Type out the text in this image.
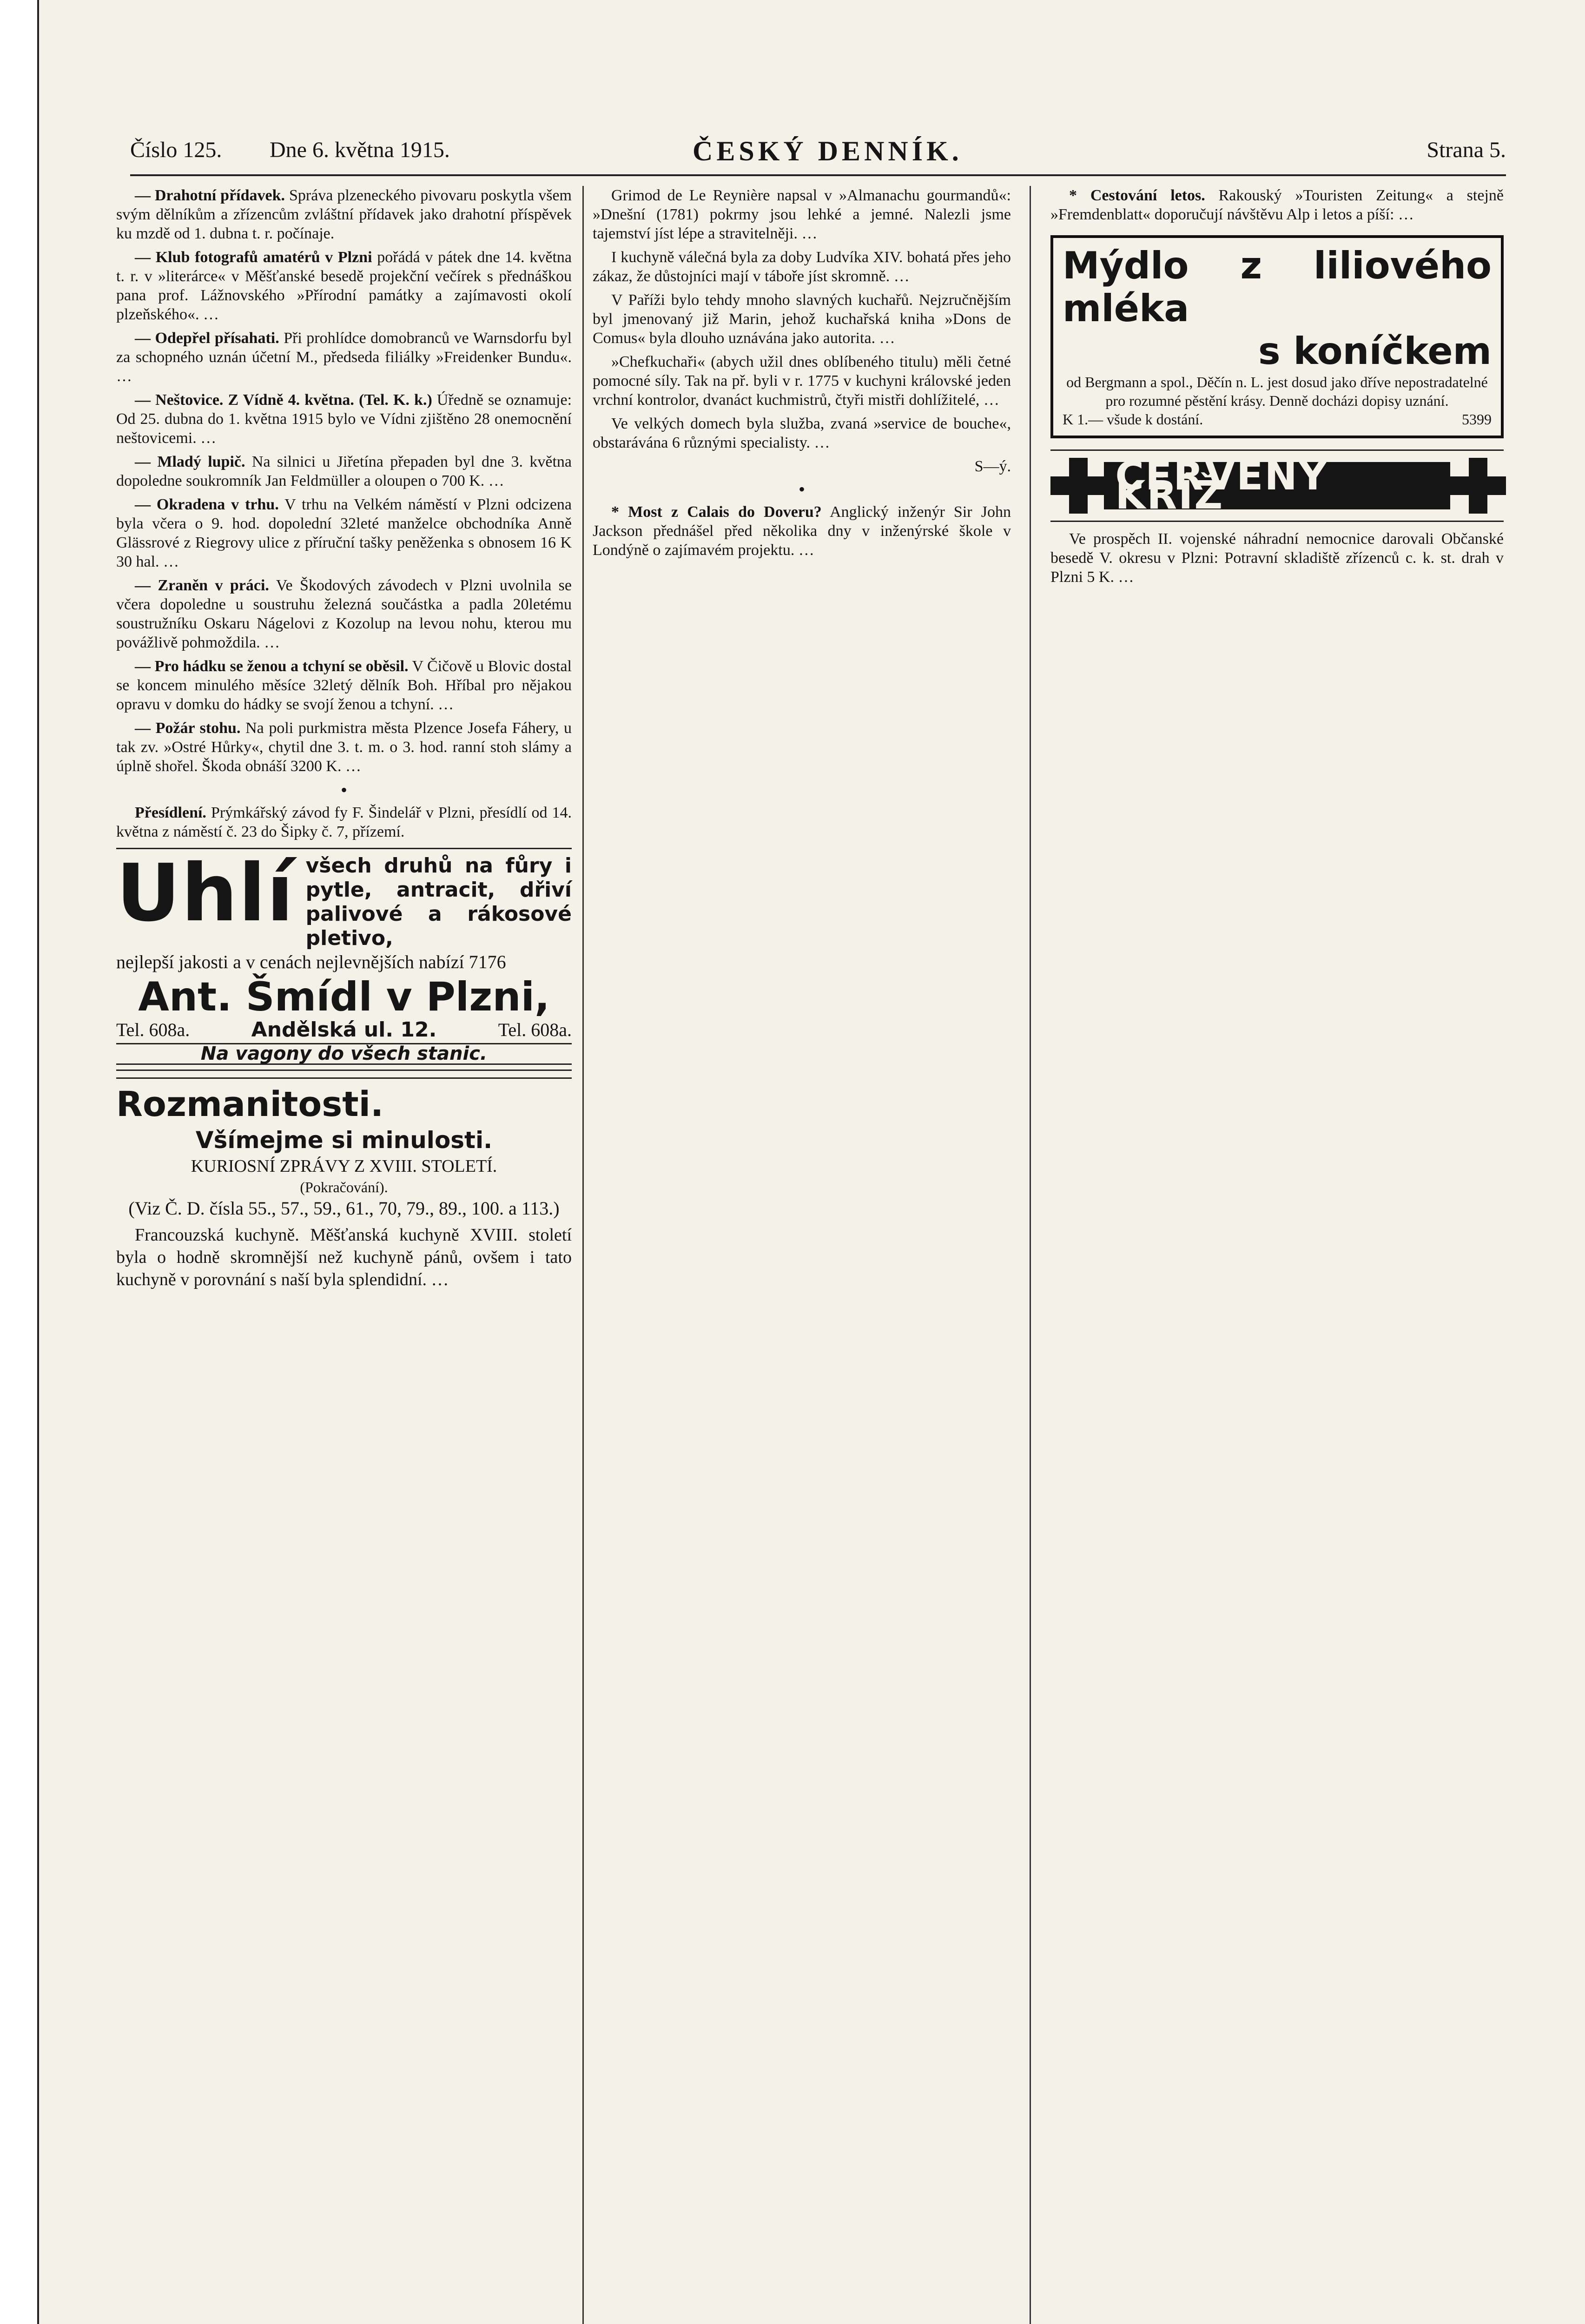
Číslo 125. Dne 6. května 1915.	ČESKÝ DENNÍK.	Strana 5.

— Drahotní přídavek. Správa plzeneckého pivovaru poskytla všem svým dělníkům a zřízencům zvláštní přídavek jako drahotní příspěvek ku mzdě od 1. dubna t. r. počínaje.

— Klub fotografů amatérů v Plzni pořádá v pátek dne 14. května t. r. v »literárce« v Měšťanské besedě projekční večírek s přednáškou pana prof. Lážnovského »Přírodní památky a zajímavosti okolí plzeňského«. …

— Odepřel přísahati. Při prohlídce domobranců ve Warnsdorfu byl za schopného uznán účetní M., předseda filiálky »Freidenker Bundu«. …

— Neštovice. Z Vídně 4. května. (Tel. K. k.) Úředně se oznamuje: Od 25. dubna do 1. května 1915 bylo ve Vídni zjištěno 28 onemocnění neštovicemi. …

— Mladý lupič. Na silnici u Jiřetína přepaden byl dne 3. května dopoledne soukromník Jan Feldmüller a oloupen o 700 K. …

— Okradena v trhu. V trhu na Velkém náměstí v Plzni odcizena byla včera o 9. hod. dopolední 32leté manželce obchodníka Anně Glässrové z Riegrovy ulice z příruční tašky peněženka s obnosem 16 K 30 hal. …

— Zraněn v práci. Ve Škodových závodech v Plzni uvolnila se včera dopoledne u soustruhu železná součástka a padla 20letému soustružníku Oskaru Nágelovi z Kozolup na levou nohu, kterou mu povážlivě pohmoždila. …

— Pro hádku se ženou a tchyní se oběsil. V Čičově u Blovic dostal se koncem minulého měsíce 32letý dělník Boh. Hříbal pro nějakou opravu v domku do hádky se svojí ženou a tchyní. …

— Požár stohu. Na poli purkmistra města Plzence Josefa Fáhery, u tak zv. »Ostré Hůrky«, chytil dne 3. t. m. o 3. hod. ranní stoh slámy a úplně shořel. Škoda obnáší 3200 K. …

•

Přesídlení. Prýmkářský závod fy F. Šindelář v Plzni, přesídlí od 14. května z náměstí č. 23 do Šipky č. 7, přízemí.

Uhlí všech druhů na fůry i pytle, antracit, dřiví palivové a rákosové pletivo,
nejlepší jakosti a v cenách nejlevnějších nabízí 7176
Ant. Šmídl v Plzni,
Tel. 608a.	Andělská ul. 12.	Tel. 608a.
Na vagony do všech stanic.
Rozmanitosti.
Všímejme si minulosti.
KURIOSNÍ ZPRÁVY Z XVIII. STOLETÍ.
(Pokračování).
(Viz Č. D. čísla 55., 57., 59., 61., 70, 79., 89., 100. a 113.)

Francouzská kuchyně. Měšťanská kuchyně XVIII. století byla o hodně skromnější než kuchyně pánů, ovšem i tato kuchyně v porovnání s naší byla splendidní. …

Grimod de Le Reynière napsal v »Almanachu gourmandů«: »Dnešní (1781) pokrmy jsou lehké a jemné. Nalezli jsme tajemství jíst lépe a stravitelněji. …

I kuchyně válečná byla za doby Ludvíka XIV. bohatá přes jeho zákaz, že důstojníci mají v táboře jíst skromně. …

V Paříži bylo tehdy mnoho slavných kuchařů. Nejzručnějším byl jmenovaný již Marin, jehož kuchařská kniha »Dons de Comus« byla dlouho uznávána jako autorita. …

»Chefkuchaři« (abych užil dnes oblíbeného titulu) měli četné pomocné síly. Tak na př. byli v r. 1775 v kuchyni královské jeden vrchní kontrolor, dvanáct kuchmistrů, čtyři mistři dohlížitelé, …

Ve velkých domech byla služba, zvaná »service de bouche«, obstarávána 6 různými specialisty. …

S—ý.
•

* Most z Calais do Doveru? Anglický inženýr Sir John Jackson přednášel před několika dny v inženýrské škole v Londýně o zajímavém projektu. …

* Cestování letos. Rakouský »Touristen Zeitung« a stejně »Fremdenblatt« doporučují návštěvu Alp i letos a píší: …

Mýdlo z liliového mléka
s koníčkem
od Bergmann a spol., Děčín n. L. jest dosud jako dříve nepostradatelné pro rozumné pěstění krásy. Denně docházi dopisy uznání.
K 1.— všude k dostání.	5399
ČERVENÝ KŘÍŽ

Ve prospěch II. vojenské náhradní nemocnice darovali Občanské besedě V. okresu v Plzni: Potravní skladiště zřízenců c. k. st. drah v Plzni 5 K. …
